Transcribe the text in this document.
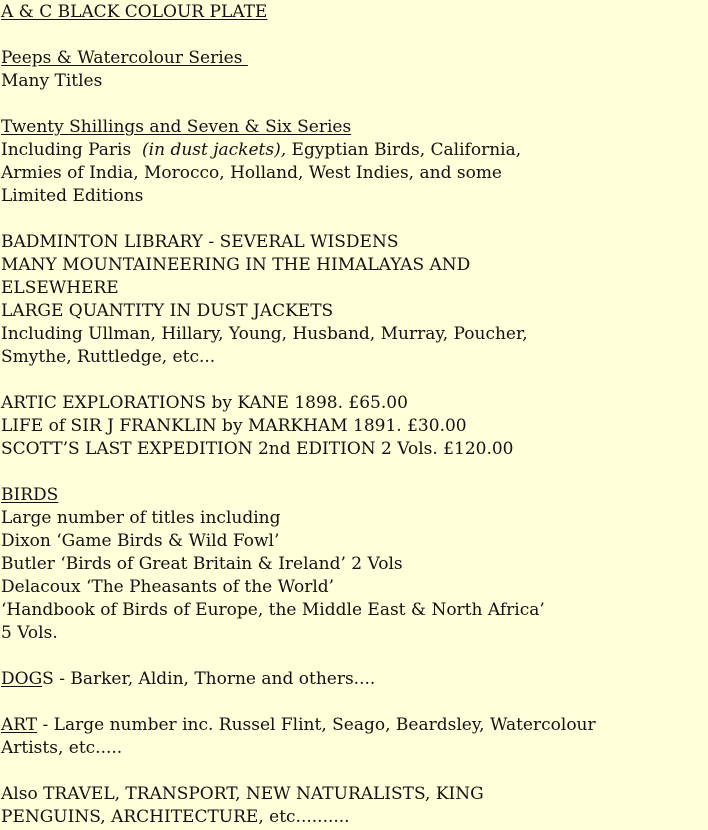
A & C BLACK COLOUR PLATE
Peeps & Watercolour Series
Many Titles
Twenty Shillings and Seven & Six Series
Including Paris  (in dust jackets), Egyptian Birds, California,
Armies of India, Morocco, Holland, West Indies, and some
Limited Editions
BADMINTON LIBRARY - SEVERAL WISDENS
MANY MOUNTAINEERING IN THE HIMALAYAS AND
ELSEWHERE
LARGE QUANTITY IN DUST JACKETS
Including Ullman, Hillary, Young, Husband, Murray, Poucher,
Smythe, Ruttledge, etc...
ARTIC EXPLORATIONS by KANE 1898. £65.00
LIFE of SIR J FRANKLIN by MARKHAM 1891. £30.00
SCOTT’S LAST EXPEDITION 2nd EDITION 2 Vols. £120.00
BIRDS
Large number of titles including
Dixon ‘Game Birds & Wild Fowl’
Butler ‘Birds of Great Britain & Ireland’ 2 Vols
Delacoux ‘The Pheasants of the World’
‘Handbook of Birds of Europe, the Middle East & North Africa’
5 Vols.
DOGS - Barker, Aldin, Thorne and others....
ART - Large number inc. Russel Flint, Seago, Beardsley, Watercolour
Artists, etc.....
Also TRAVEL, TRANSPORT, NEW NATURALISTS, KING
PENGUINS, ARCHITECTURE, etc..........
